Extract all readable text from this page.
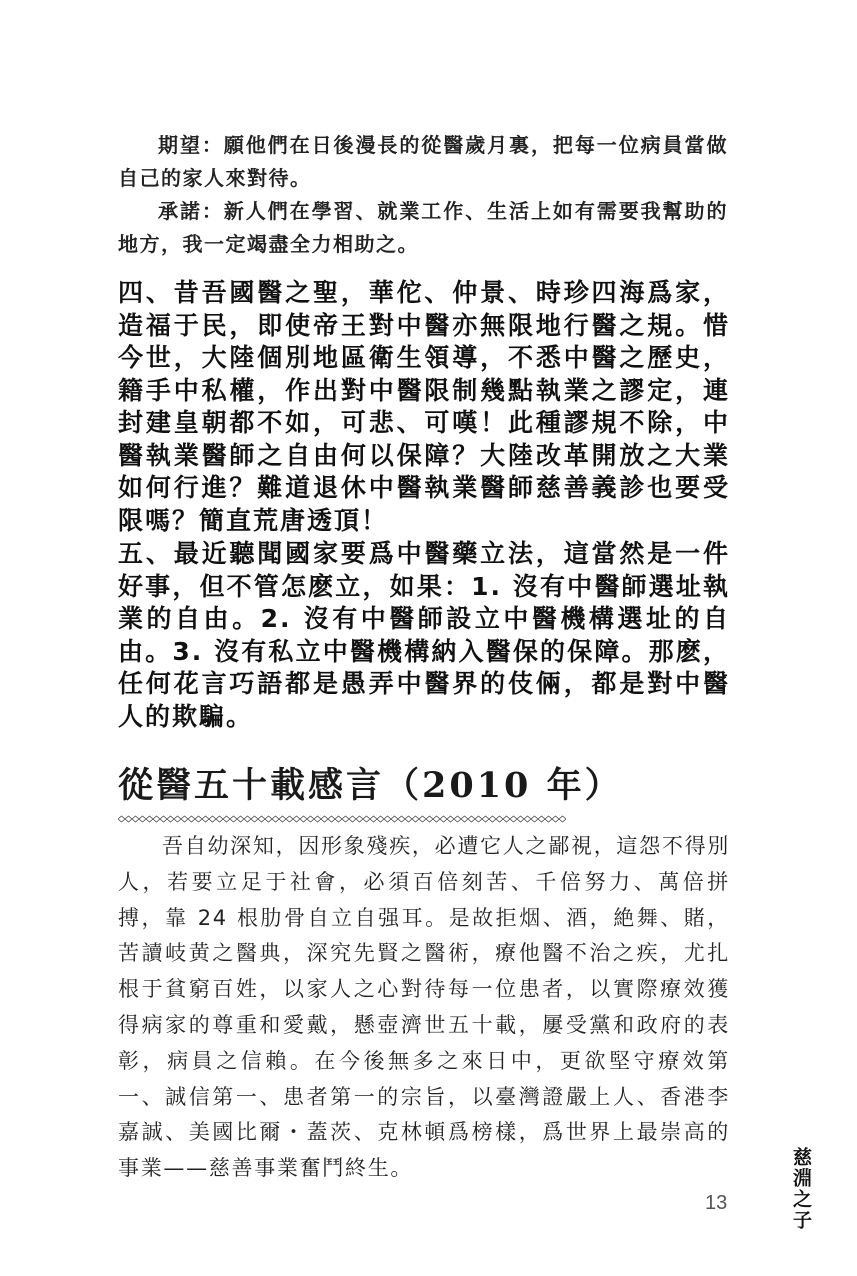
期望：願他們在日後漫長的從醫歲月裏，把每一位病員當做自己的家人來對待。

承諾：新人們在學習、就業工作、生活上如有需要我幫助的地方，我一定竭盡全力相助之。

四、昔吾國醫之聖，華佗、仲景、時珍四海爲家，造福于民，即使帝王對中醫亦無限地行醫之規。惜今世，大陸個別地區衛生領導，不悉中醫之歷史，籍手中私權，作出對中醫限制幾點執業之謬定，連封建皇朝都不如，可悲、可嘆！此種謬規不除，中醫執業醫師之自由何以保障？大陸改革開放之大業如何行進？難道退休中醫執業醫師慈善義診也要受限嗎？簡直荒唐透頂！

五、最近聽聞國家要爲中醫藥立法，這當然是一件好事，但不管怎麽立，如果：1. 沒有中醫師選址執業的自由。2. 沒有中醫師設立中醫機構選址的自由。3. 沒有私立中醫機構納入醫保的保障。那麽，任何花言巧語都是愚弄中醫界的伎倆，都是對中醫人的欺騙。

從醫五十載感言（2010 年）

吾自幼深知，因形象殘疾，必遭它人之鄙視，這怨不得別人，若要立足于社會，必須百倍刻苦、千倍努力、萬倍拼搏，靠 24 根肋骨自立自强耳。是故拒烟、酒，絶舞、賭，苦讀岐黄之醫典，深究先賢之醫術，療他醫不治之疾，尤扎根于貧窮百姓，以家人之心對待每一位患者，以實際療效獲得病家的尊重和愛戴，懸壺濟世五十載，屢受黨和政府的表彰，病員之信賴。在今後無多之來日中，更欲堅守療效第一、誠信第一、患者第一的宗旨，以臺灣證嚴上人、香港李嘉誠、美國比爾・蓋茨、克林頓爲榜樣，爲世界上最崇高的事業——慈善事業奮鬥終生。	慈淵之子
13
